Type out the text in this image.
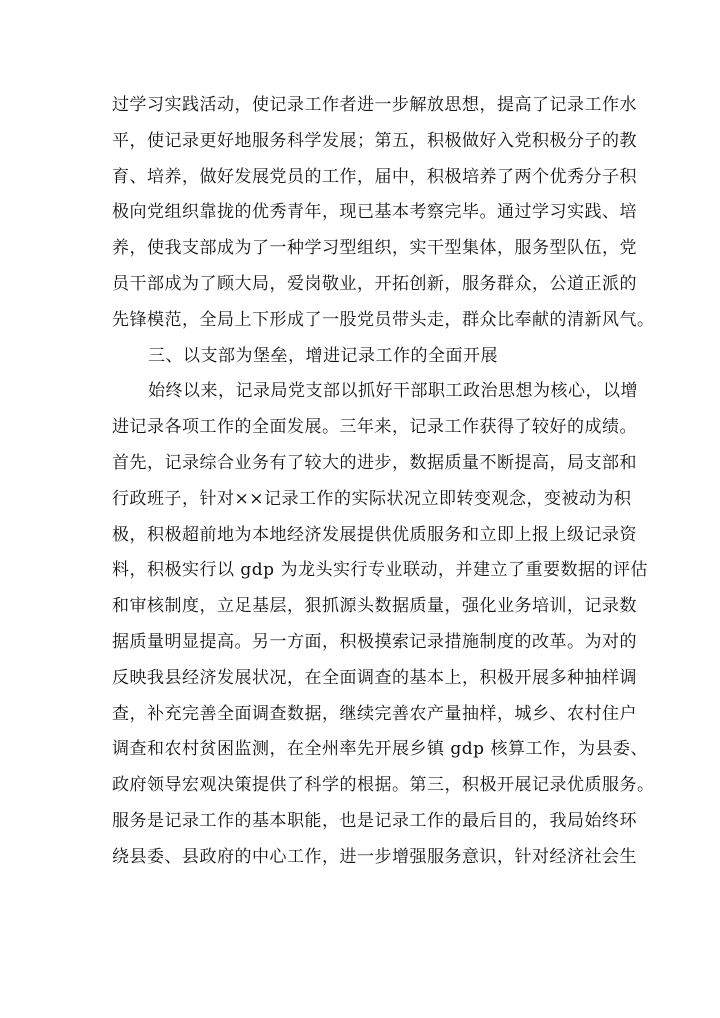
过学习实践活动，使记录工作者进一步解放思想，提高了记录工作水
平，使记录更好地服务科学发展；第五，积极做好入党积极分子的教
育、培养，做好发展党员的工作，届中，积极培养了两个优秀分子积
极向党组织靠拢的优秀青年，现已基本考察完毕。通过学习实践、培
养，使我支部成为了一种学习型组织，实干型集体，服务型队伍，党
员干部成为了顾大局，爱岗敬业，开拓创新，服务群众，公道正派的
先锋模范，全局上下形成了一股党员带头走，群众比奉献的清新风气。
三、以支部为堡垒，增进记录工作的全面开展
始终以来，记录局党支部以抓好干部职工政治思想为核心，以增
进记录各项工作的全面发展。三年来，记录工作获得了较好的成绩。
首先，记录综合业务有了较大的进步，数据质量不断提高，局支部和
行政班子，针对××记录工作的实际状况立即转变观念，变被动为积
极，积极超前地为本地经济发展提供优质服务和立即上报上级记录资
料，积极实行以 gdp 为龙头实行专业联动，并建立了重要数据的评估
和审核制度，立足基层，狠抓源头数据质量，强化业务培训，记录数
据质量明显提高。另一方面，积极摸索记录措施制度的改革。为对的
反映我县经济发展状况，在全面调查的基本上，积极开展多种抽样调
查，补充完善全面调查数据，继续完善农产量抽样，城乡、农村住户
调查和农村贫困监测，在全州率先开展乡镇 gdp 核算工作，为县委、
政府领导宏观决策提供了科学的根据。第三，积极开展记录优质服务。
服务是记录工作的基本职能，也是记录工作的最后目的，我局始终环
绕县委、县政府的中心工作，进一步增强服务意识，针对经济社会生
